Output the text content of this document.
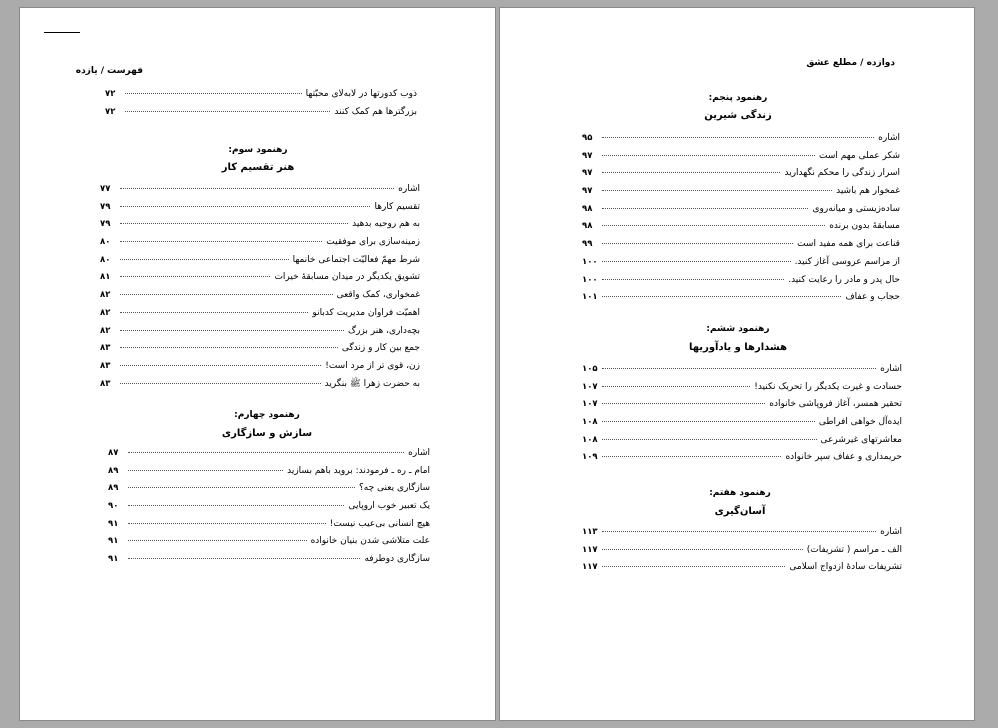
فهرست / یازده
ذوب کدورتها در لابه‌لای محبّتها
۷۲
بزرگترها هم کمک کنند
۷۲
رهنمود سوم:
هنر تقسیم کار
اشاره
۷۷
تقسیم کارها
۷۹
به هم روحیه بدهید
۷۹
زمینه‌سازی برای موفقیت
۸۰
شرط مهمّ فعالیّت اجتماعی خانمها
۸۰
تشویق یکدیگر در میدان مسابقهٔ خیرات
۸۱
غمخواری، کمک واقعی
۸۲
اهمیّت فراوان مدیریت کدبانو
۸۲
بچه‌داری، هنر بزرگ
۸۲
جمع بین کار و زندگی
۸۳
زن، قوی تر از مرد است!
۸۳
به حضرت زهرا ﷺ بنگرید
۸۳
رهنمود چهارم:
سازش و سازگاری
اشاره
۸۷
امام ـ ره ـ فرمودند: بروید باهم بسازید
۸۹
سازگاری یعنی چه؟
۸۹
یک تعبیر خوب اروپایی
۹۰
هیچ انسانی بی‌عیب نیست!
۹۱
علت متلاشی شدن بنیان خانواده
۹۱
سازگاری دوطرفه
۹۱
دوازده / مطلع عشق
رهنمود پنجم:
زندگی شیرین
اشاره
۹۵
شکر عملی مهم است
۹۷
اسرار زندگی را محکم نگهدارید
۹۷
غمخوار هم باشید
۹۷
ساده‌زیستی و میانه‌روی
۹۸
مسابقهٔ بدون برنده
۹۸
قناعت برای همه مفید است
۹۹
از مراسم عروسی آغاز کنید.
۱۰۰
حال پدر و مادر را رعایت کنید.
۱۰۰
حجاب و عفاف
۱۰۱
رهنمود ششم:
هشدارها و یادآوریها
اشاره
۱۰۵
حسادت و غیرت یکدیگر را تحریک نکنید!
۱۰۷
تحقیر همسر، آغاز فروپاشی خانواده
۱۰۷
ایده‌آل خواهی افراطی
۱۰۸
معاشرتهای غیرشرعی
۱۰۸
حریمداری و عفاف سپر خانواده
۱۰۹
رهنمود هفتم:
آسان‌گیری
اشاره
۱۱۳
الف ـ مراسم ( تشریفات)
۱۱۷
تشریفات سادهٔ ازدواج اسلامی
۱۱۷
